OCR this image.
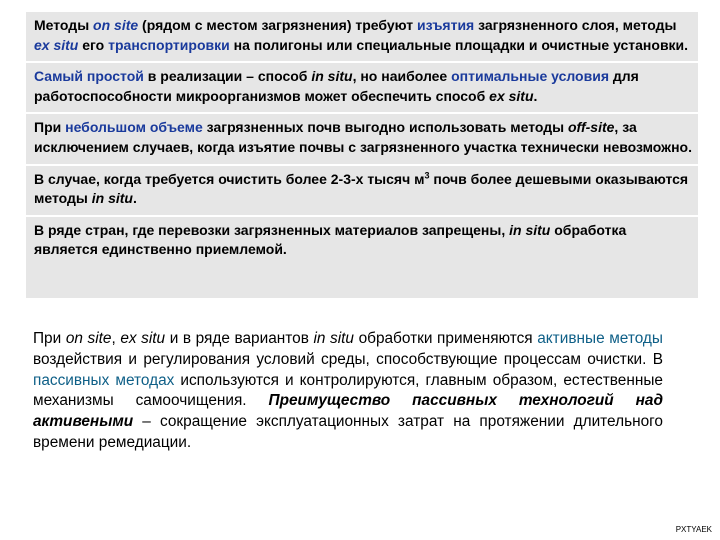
Методы on site (рядом с местом загрязнения) требуют изъятия загрязненного слоя, методы ex situ его транспортировки на полигоны или специальные площадки и очистные установки.

Самый простой в реализации – способ in situ, но наиболее оптимальные условия для работоспособности микроорганизмов может обеспечить способ ex situ.

При небольшом объеме загрязненных почв выгодно использовать методы off-site, за исключением случаев, когда изъятие почвы с загрязненного участка технически невозможно.

В случае, когда требуется очистить более 2-3-х тысяч $м^3$ почв более дешевыми оказываются методы in situ.

В ряде стран, где перевозки загрязненных материалов запрещены, in situ обработка является единственно приемлемой.

При on site, ex situ и в ряде вариантов in situ обработки применяются активные методы воздействия и регулирования условий среды, способствующие процессам очистки. В пассивных методах используются и контролируются, главным образом, естественные механизмы самоочищения. Преимущество пассивных технологий над активеными – сокращение эксплуатационных затрат на протяжении длительного времени ремедиации.

PXTYAEK
